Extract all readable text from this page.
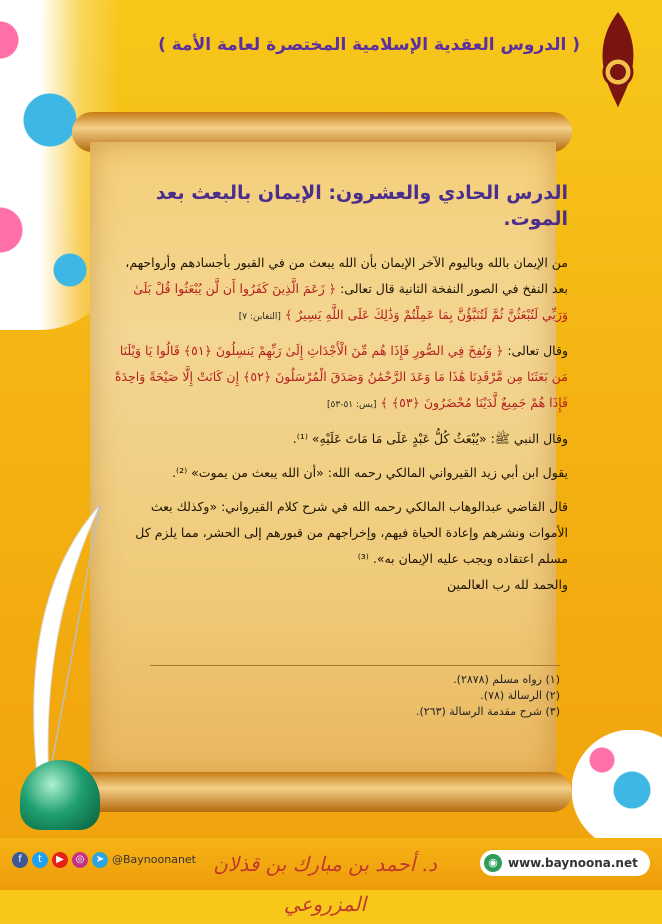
( الدروس العقدية الإسلامية المختصرة لعامة الأمة )
الدرس الحادي والعشرون: الإيمان بالبعث بعد الموت.

من الإيمان بالله وباليوم الآخر الإيمان بأن الله يبعث من في القبور بأجسادهم وأرواحهم، بعد النفخ في الصور النفخة الثانية قال تعالى: ﴿ زَعَمَ الَّذِينَ كَفَرُوا أَن لَّن يُبْعَثُوا قُلْ بَلَىٰ وَرَبِّي لَتُبْعَثُنَّ ثُمَّ لَتُنَبَّؤُنَّ بِمَا عَمِلْتُمْ وَذَٰلِكَ عَلَى اللَّهِ يَسِيرٌ ﴾ [التغابن: ٧]

وقال تعالى: ﴿ وَنُفِخَ فِي الصُّورِ فَإِذَا هُم مِّنَ الْأَجْدَاثِ إِلَىٰ رَبِّهِمْ يَنسِلُونَ ﴿٥١﴾ قَالُوا يَا وَيْلَنَا مَن بَعَثَنَا مِن مَّرْقَدِنَا هَٰذَا مَا وَعَدَ الرَّحْمَٰنُ وَصَدَقَ الْمُرْسَلُونَ ﴿٥٢﴾ إِن كَانَتْ إِلَّا صَيْحَةً وَاحِدَةً فَإِذَا هُمْ جَمِيعٌ لَّدَيْنَا مُحْضَرُونَ ﴿٥٣﴾ ﴾ [يس: ٥١-٥٣]

وقال النبي ﷺ: «يُبْعَثُ كُلُّ عَبْدٍ عَلَى مَا مَاتَ عَلَيْهِ» ⁽¹⁾.

يقول ابن أبي زيد القيرواني المالكي رحمه الله: «أن الله يبعث من يموت» ⁽²⁾.

قال القاضي عبدالوهاب المالكي رحمه الله في شرح كلام القيرواني: «وكذلك بعث الأموات ونشرهم وإعادة الحياة فيهم، وإخراجهم من قبورهم إلى الحشر، مما يلزم كل مسلم اعتقاده ويجب عليه الإيمان به». ⁽³⁾

والحمد لله رب العالمين

(١) رواه مسلم (٢٨٧٨).
(٢) الرسالة (٧٨).
(٣) شرح مقدمة الرسالة (٢٦٣).
f	t	▶	◎	➤ @Baynoonanet د. أحمد بن مبارك بن قذلان المزروعي
◉ www.baynoona.net
